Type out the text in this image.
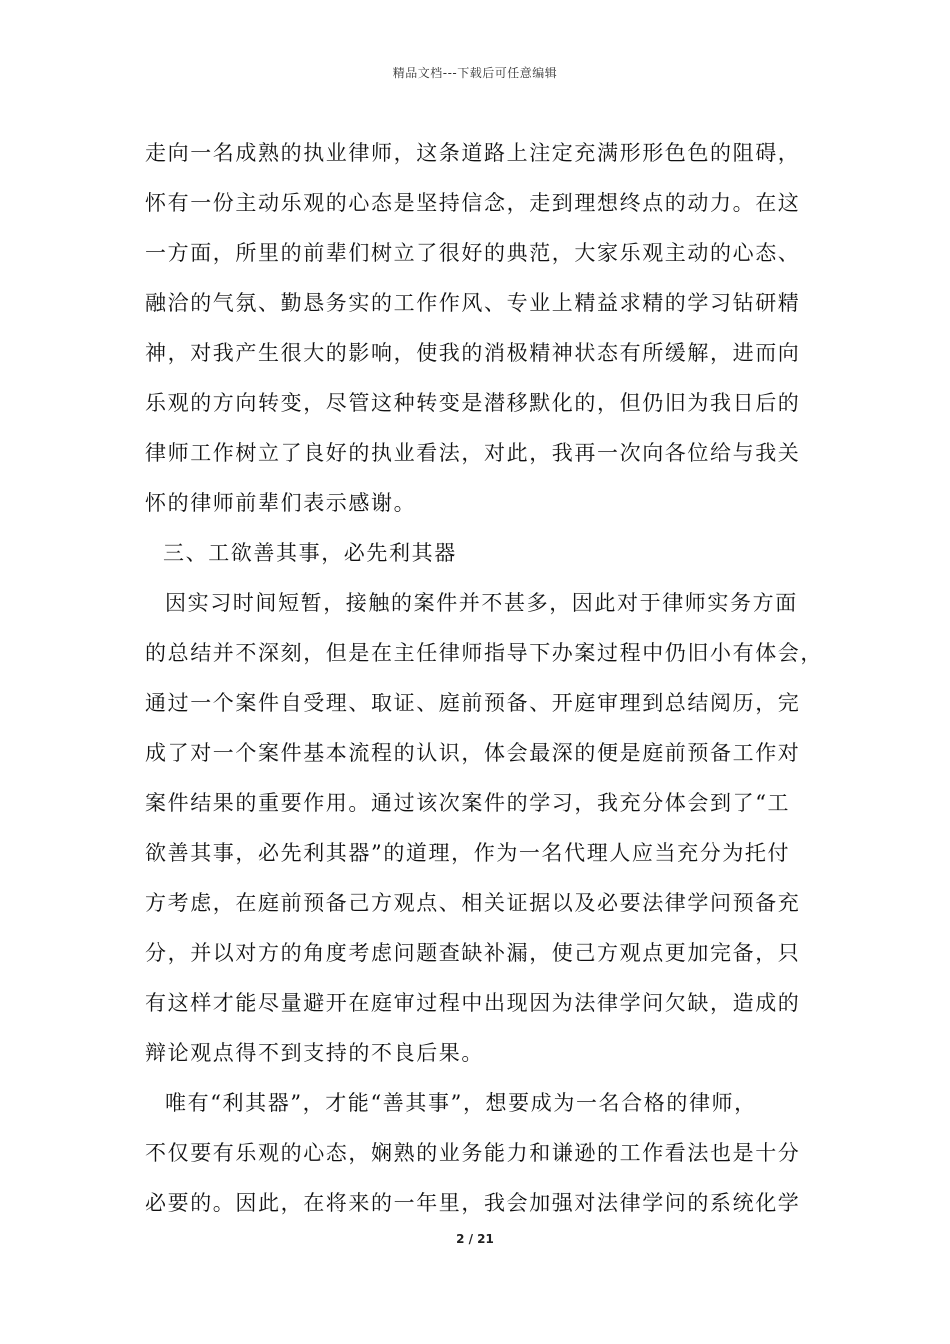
精品文档---下载后可任意编辑
走向一名成熟的执业律师，这条道路上注定充满形形色色的阻碍，
怀有一份主动乐观的心态是坚持信念，走到理想终点的动力。在这
一方面，所里的前辈们树立了很好的典范，大家乐观主动的心态、
融洽的气氛、勤恳务实的工作作风、专业上精益求精的学习钻研精
神，对我产生很大的影响，使我的消极精神状态有所缓解，进而向
乐观的方向转变，尽管这种转变是潜移默化的，但仍旧为我日后的
律师工作树立了良好的执业看法，对此，我再一次向各位给与我关
怀的律师前辈们表示感谢。
三、工欲善其事，必先利其器
因实习时间短暂，接触的案件并不甚多，因此对于律师实务方面
的总结并不深刻，但是在主任律师指导下办案过程中仍旧小有体会，
通过一个案件自受理、取证、庭前预备、开庭审理到总结阅历，完
成了对一个案件基本流程的认识，体会最深的便是庭前预备工作对
案件结果的重要作用。通过该次案件的学习，我充分体会到了“工
欲善其事，必先利其器”的道理，作为一名代理人应当充分为托付
方考虑，在庭前预备己方观点、相关证据以及必要法律学问预备充
分，并以对方的角度考虑问题查缺补漏，使己方观点更加完备，只
有这样才能尽量避开在庭审过程中出现因为法律学问欠缺，造成的
辩论观点得不到支持的不良后果。
唯有“利其器”，才能“善其事”，想要成为一名合格的律师，
不仅要有乐观的心态，娴熟的业务能力和谦逊的工作看法也是十分
必要的。因此，在将来的一年里，我会加强对法律学问的系统化学
2 / 21
